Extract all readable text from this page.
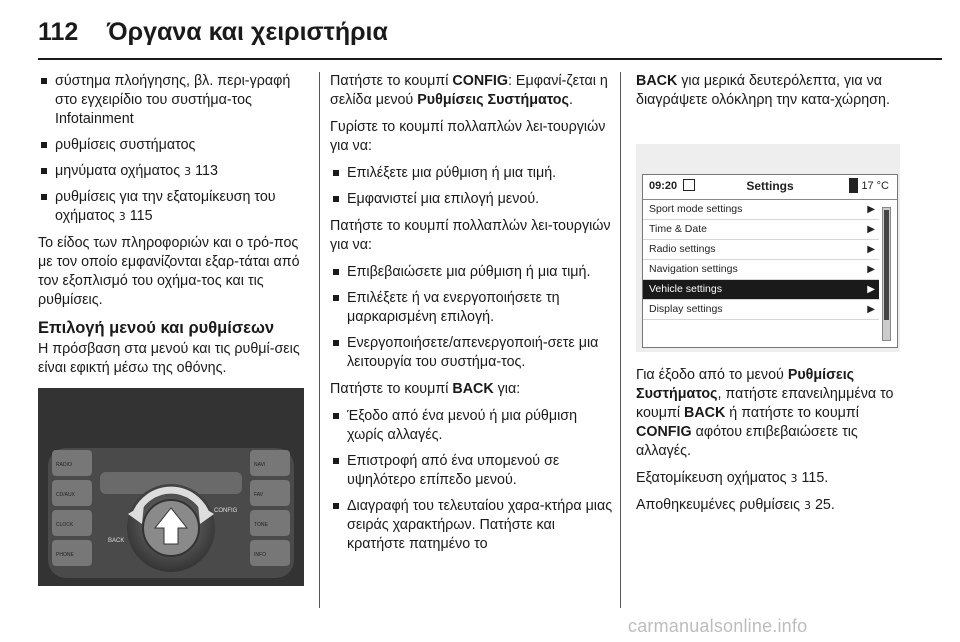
112 Όργανα και χειριστήρια
σύστημα πλοήγησης, βλ. περι-γραφή στο εγχειρίδιο του συστήμα-τος Infotainment
ρυθμίσεις συστήματος
μηνύματα οχήματος 3 113
ρυθμίσεις για την εξατομίκευση του οχήματος 3 115

Το είδος των πληροφοριών και ο τρό-πος με τον οποίο εμφανίζονται εξαρ-τάται από τον εξοπλισμό του οχήμα-τος και τις ρυθμίσεις.

Επιλογή μενού και ρυθμίσεων

Η πρόσβαση στα μενού και τις ρυθμί-σεις είναι εφικτή μέσω της οθόνης.

BACK
CONFIG
RADIO
CD/AUX
CLOCK
NAVI
PHONE	INFO
TONE
FAV

Πατήστε το κουμπί CONFIG: Εμφανί-ζεται η σελίδα μενού Ρυθμίσεις Συστήματος.

Γυρίστε το κουμπί πολλαπλών λει-τουργιών για να:

Επιλέξετε μια ρύθμιση ή μια τιμή.
Εμφανιστεί μια επιλογή μενού.

Πατήστε το κουμπί πολλαπλών λει-τουργιών για να:

Επιβεβαιώσετε μια ρύθμιση ή μια τιμή.
Επιλέξετε ή να ενεργοποιήσετε τη μαρκαρισμένη επιλογή.
Ενεργοποιήσετε/απενεργοποιή-σετε μια λειτουργία του συστήμα-τος.

Πατήστε το κουμπί BACK για:

Έξοδο από ένα μενού ή μια ρύθμιση χωρίς αλλαγές.
Επιστροφή από ένα υπομενού σε υψηλότερο επίπεδο μενού.
Διαγραφή του τελευταίου χαρα-κτήρα μιας σειράς χαρακτήρων. Πατήστε και κρατήστε πατημένο το

BACK για μερικά δευτερόλεπτα, για να διαγράψετε ολόκληρη την κατα-χώρηση.

09:20	Settings	17 °C
Sport mode settings	▶
Time & Date	▶
Radio settings	▶
Navigation settings	▶
Vehicle settings	▶
Display settings	▶

Για έξοδο από το μενού Ρυθμίσεις Συστήματος, πατήστε επανειλημμένα το κουμπί BACK ή πατήστε το κουμπί CONFIG αφότου επιβεβαιώσετε τις αλλαγές.

Εξατομίκευση οχήματος 3 115.

Αποθηκευμένες ρυθμίσεις 3 25.

carmanualsonline.info
